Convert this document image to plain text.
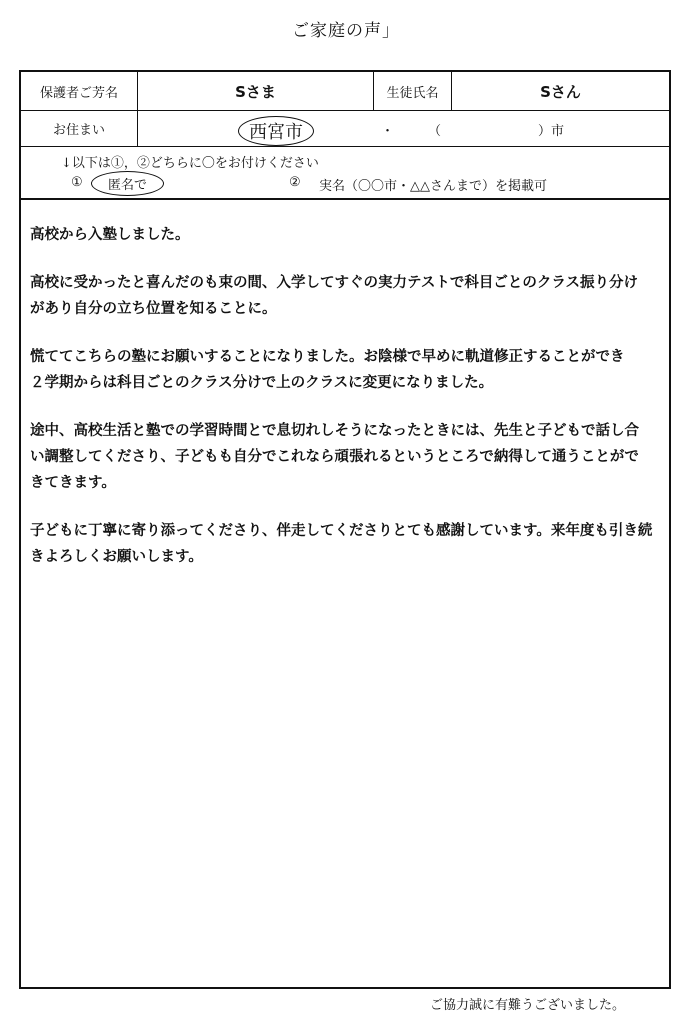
ご家庭の声」
保護者ご芳名	Sさま	生徒氏名	Sさん
お住まい	西宮市	・	（	）市
↓以下は①，②どちらに〇をお付けください
①	匿名で	② 実名（〇〇市・△△さんまで）を掲載可

高校から入塾しました。

高校に受かったと喜んだのも束の間、入学してすぐの実力テストで科目ごとのクラス振り分け
があり自分の立ち位置を知ることに。

慌ててこちらの塾にお願いすることになりました。お陰様で早めに軌道修正することができ
２学期からは科目ごとのクラス分けで上のクラスに変更になりました。

途中、高校生活と塾での学習時間とで息切れしそうになったときには、先生と子どもで話し合
い調整してくださり、子どもも自分でこれなら頑張れるというところで納得して通うことがで
きてきます。

子どもに丁寧に寄り添ってくださり、伴走してくださりとても感謝しています。来年度も引き続
きよろしくお願いします。

ご協力誠に有難うございました。
